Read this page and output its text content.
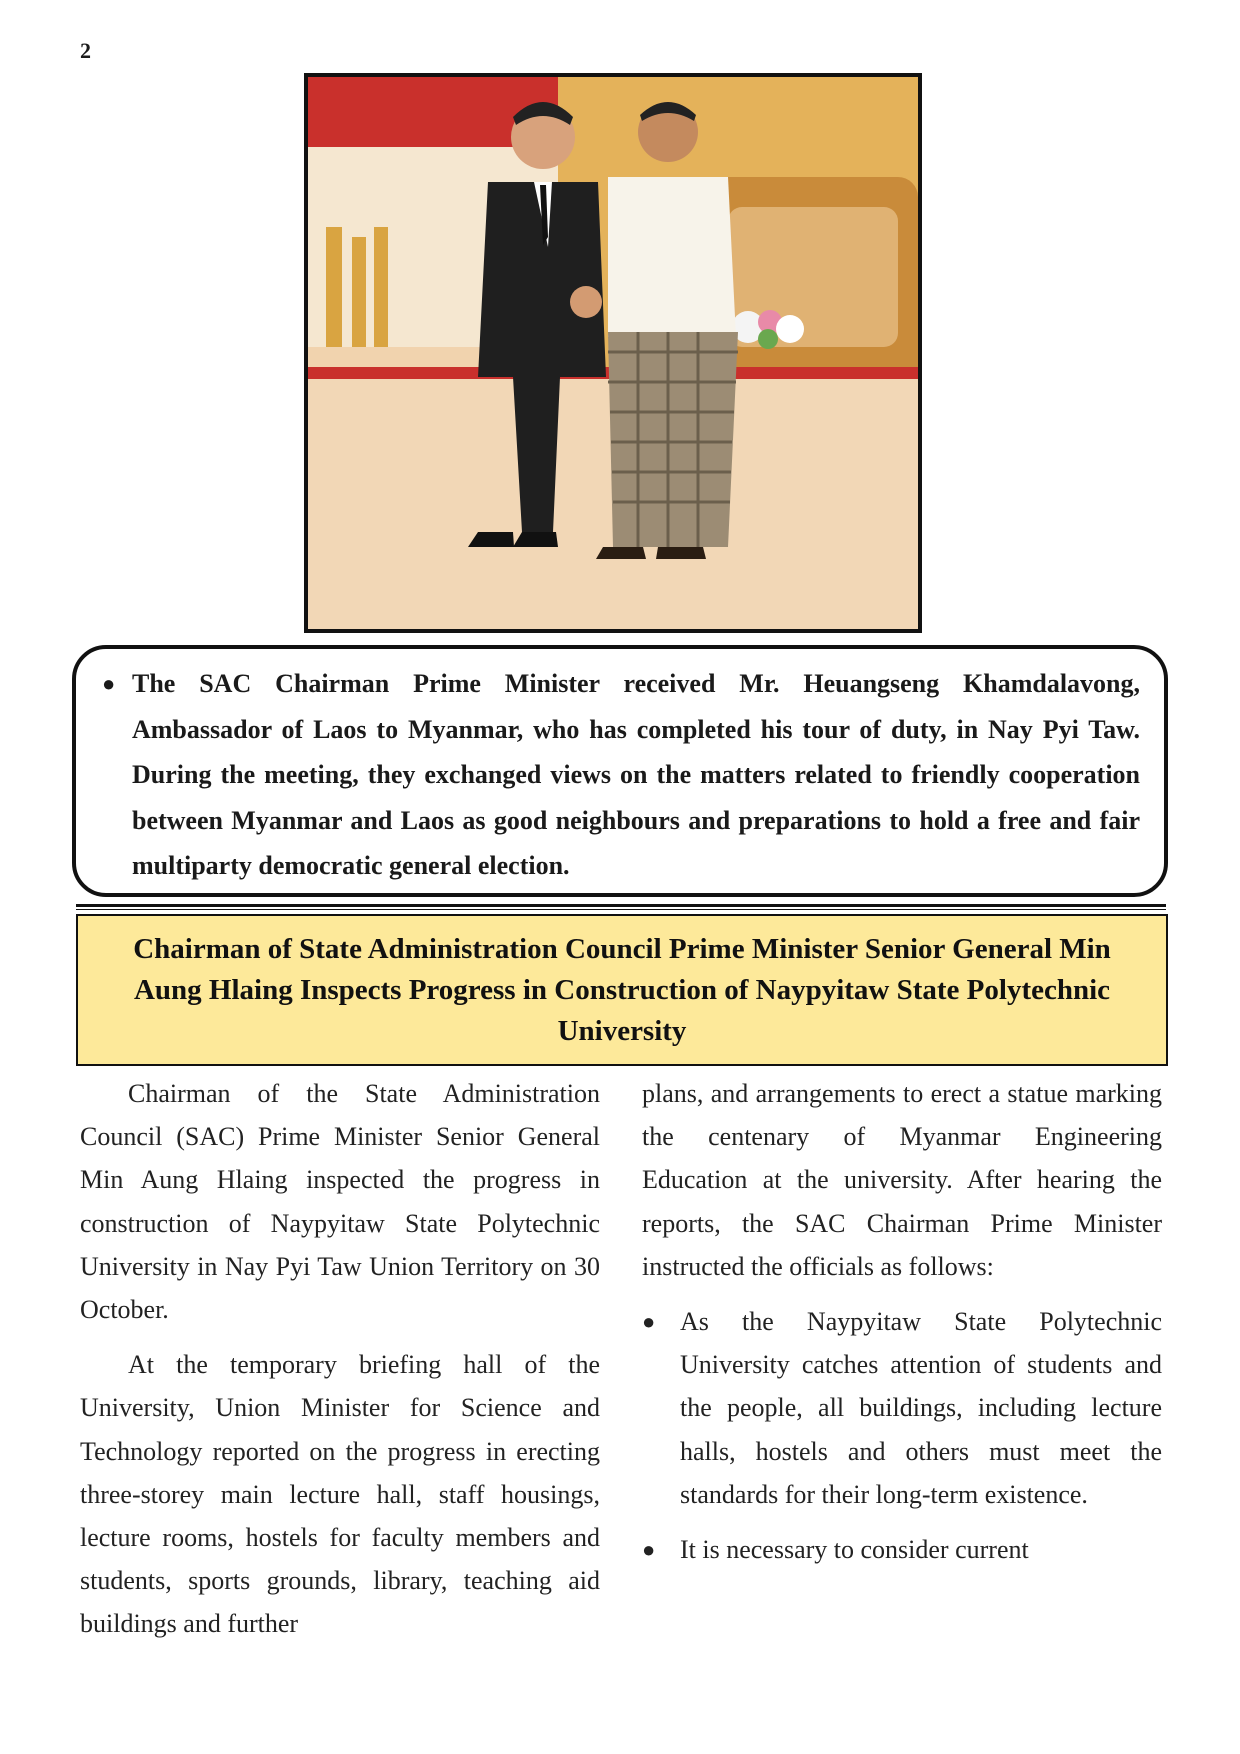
2
● The SAC Chairman Prime Minister received Mr. Heuangseng Khamdalavong, Ambassador of Laos to Myanmar, who has completed his tour of duty, in Nay Pyi Taw. During the meeting, they exchanged views on the matters related to friendly cooperation between Myanmar and Laos as good neighbours and preparations to hold a free and fair multiparty democratic general election.

Chairman of State Administration Council Prime Minister Senior General Min Aung Hlaing Inspects Progress in Construction of Naypyitaw State Polytechnic University

Chairman of the State Administration Council (SAC) Prime Minister Senior General Min Aung Hlaing inspected the progress in construction of Naypyitaw State Polytechnic University in Nay Pyi Taw Union Territory on 30 October.

At the temporary briefing hall of the University, Union Minister for Science and Technology reported on the progress in erecting three-storey main lecture hall, staff housings, lecture rooms, hostels for faculty members and students, sports grounds, library, teaching aid buildings and further

plans, and arrangements to erect a statue marking the centenary of Myanmar Engineering Education at the university. After hearing the reports, the SAC Chairman Prime Minister instructed the officials as follows:

● As the Naypyitaw State Polytechnic University catches attention of students and the people, all buildings, including lecture halls, hostels and others must meet the standards for their long-term existence.
● It is necessary to consider current
